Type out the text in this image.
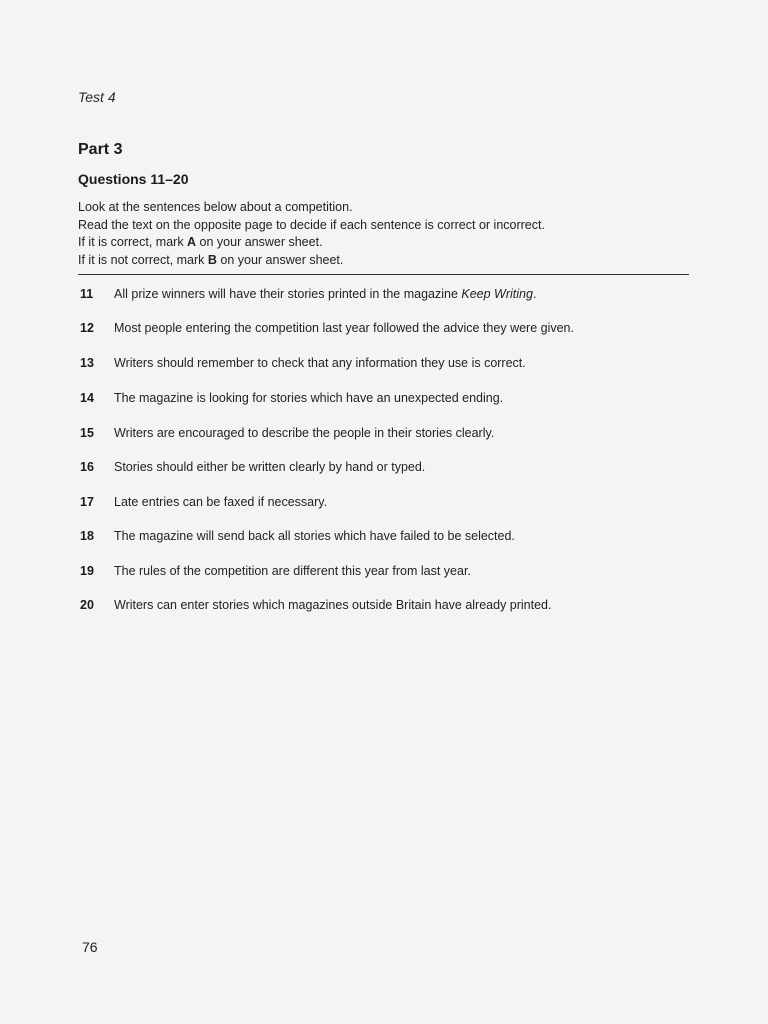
Test 4
Part 3
Questions 11–20
Look at the sentences below about a competition.
Read the text on the opposite page to decide if each sentence is correct or incorrect.
If it is correct, mark A on your answer sheet.
If it is not correct, mark B on your answer sheet.
11	All prize winners will have their stories printed in the magazine Keep Writing.
12	Most people entering the competition last year followed the advice they were given.
13	Writers should remember to check that any information they use is correct.
14	The magazine is looking for stories which have an unexpected ending.
15	Writers are encouraged to describe the people in their stories clearly.
16	Stories should either be written clearly by hand or typed.
17	Late entries can be faxed if necessary.
18	The magazine will send back all stories which have failed to be selected.
19	The rules of the competition are different this year from last year.
20	Writers can enter stories which magazines outside Britain have already printed.
76
